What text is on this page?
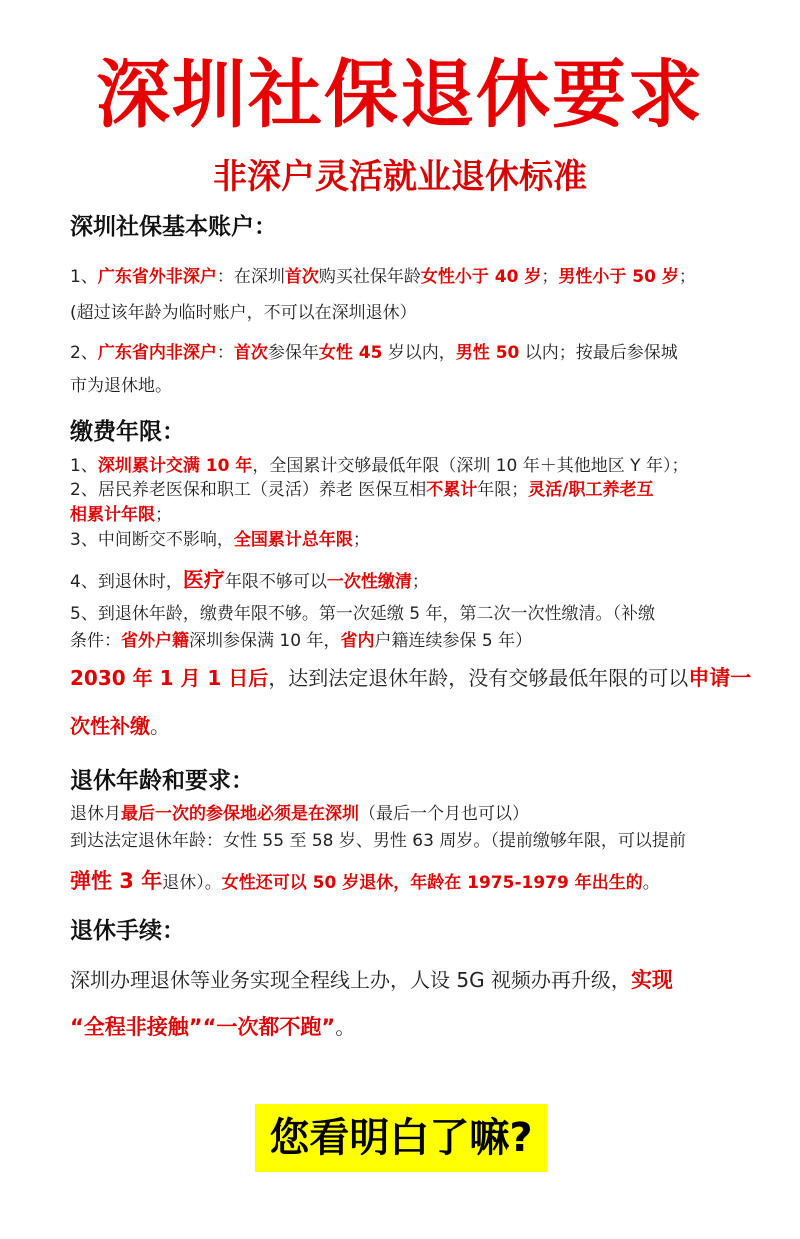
深圳社保退休要求
非深户灵活就业退休标准
深圳社保基本账户：
1、广东省外非深户：在深圳首次购买社保年龄女性小于 40 岁；男性小于 50 岁；
(超过该年龄为临时账户，不可以在深圳退休）
2、广东省内非深户：首次参保年女性 45 岁以内，男性 50 以内；按最后参保城
市为退休地。
缴费年限：
1、深圳累计交满 10 年，全国累计交够最低年限（深圳 10 年＋其他地区 Y 年）；
2、居民养老医保和职工（灵活）养老 医保互相不累计年限；灵活/职工养老互
相累计年限；
3、中间断交不影响，全国累计总年限；
4、到退休时，医疗年限不够可以一次性缴清；
5、到退休年龄，缴费年限不够。第一次延缴 5 年，第二次一次性缴清。（补缴
条件：省外户籍深圳参保满 10 年，省内户籍连续参保 5 年）
2030 年 1 月 1 日后，达到法定退休年龄，没有交够最低年限的可以申请一
次性补缴。
退休年龄和要求：
退休月最后一次的参保地必须是在深圳（最后一个月也可以）
到达法定退休年龄：女性 55 至 58 岁、男性 63 周岁。（提前缴够年限，可以提前
弹性 3 年退休）。女性还可以 50 岁退休，年龄在 1975-1979 年出生的。
退休手续：
深圳办理退休等业务实现全程线上办，人设 5G 视频办再升级，实现
“全程非接触”“一次都不跑”。
您看明白了嘛?
